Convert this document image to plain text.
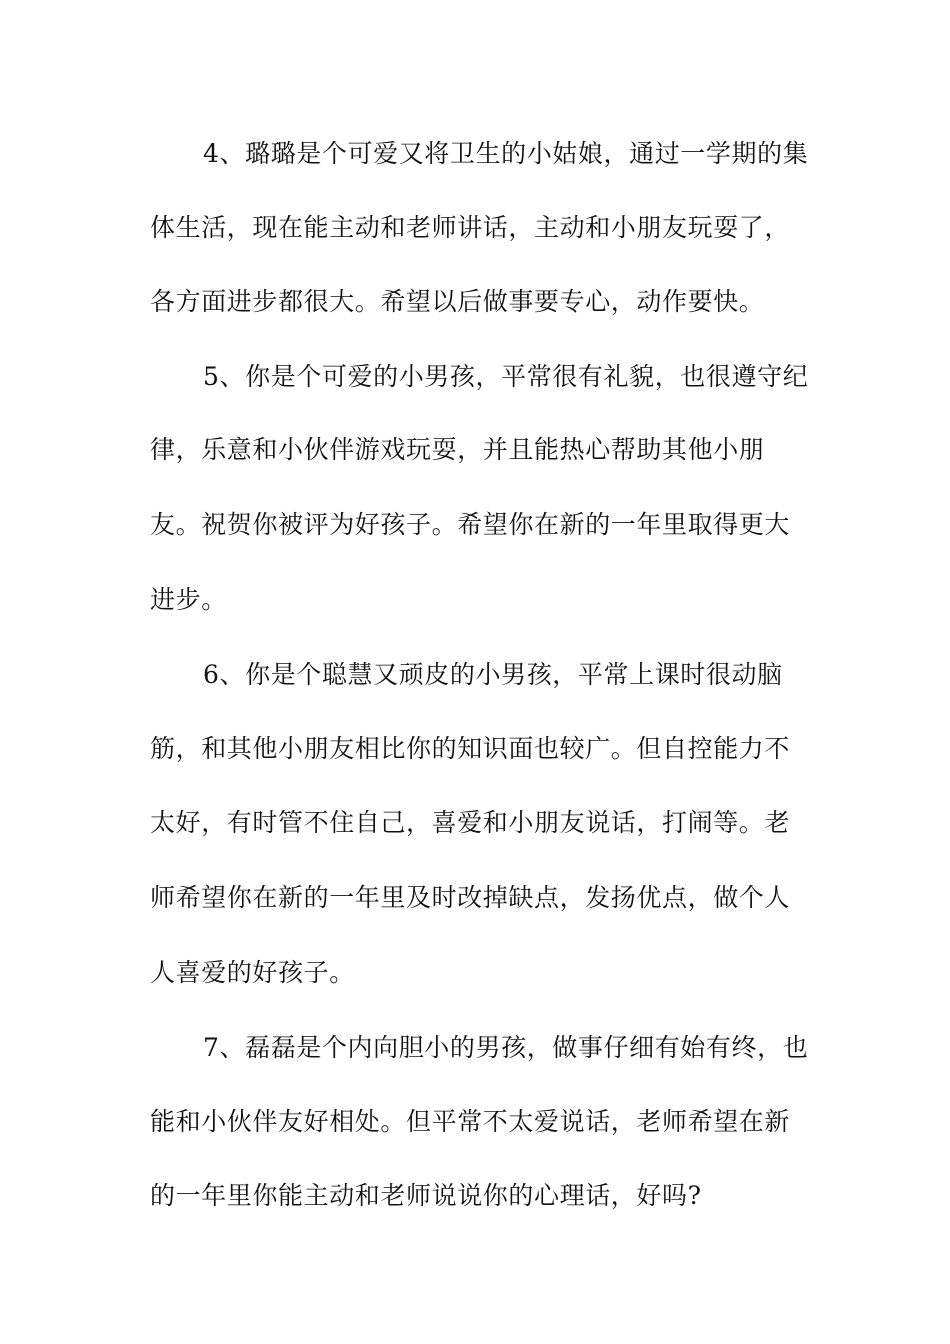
4、璐璐是个可爱又将卫生的小姑娘，通过一学期的集
体生活，现在能主动和老师讲话，主动和小朋友玩耍了，
各方面进步都很大。希望以后做事要专心，动作要快。
5、你是个可爱的小男孩，平常很有礼貌，也很遵守纪
律，乐意和小伙伴游戏玩耍，并且能热心帮助其他小朋
友。祝贺你被评为好孩子。希望你在新的一年里取得更大
进步。
6、你是个聪慧又顽皮的小男孩，平常上课时很动脑
筋，和其他小朋友相比你的知识面也较广。但自控能力不
太好，有时管不住自己，喜爱和小朋友说话，打闹等。老
师希望你在新的一年里及时改掉缺点，发扬优点，做个人
人喜爱的好孩子。
7、磊磊是个内向胆小的男孩，做事仔细有始有终，也
能和小伙伴友好相处。但平常不太爱说话，老师希望在新
的一年里你能主动和老师说说你的心理话，好吗?
